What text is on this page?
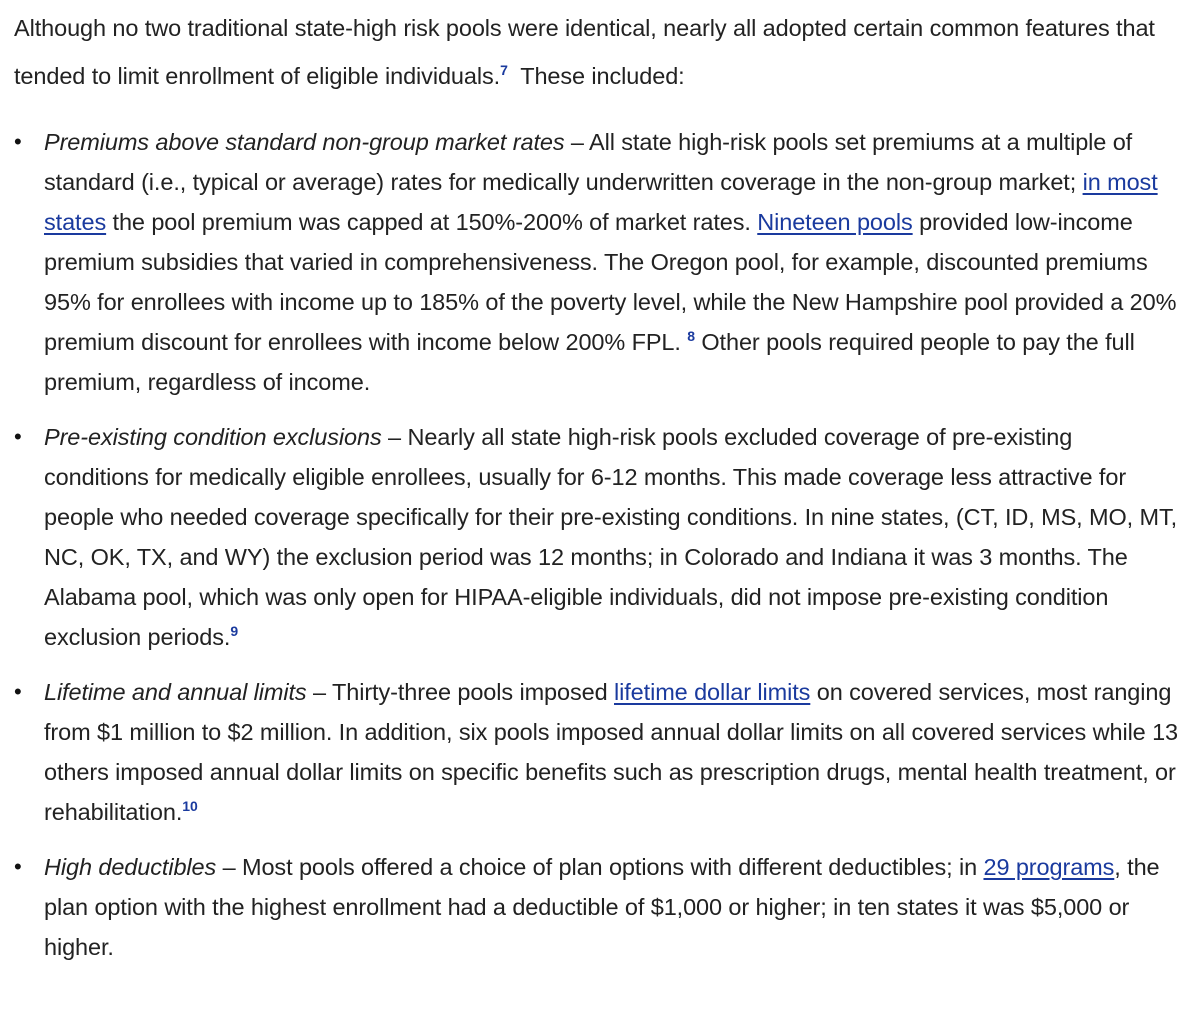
Although no two traditional state-high risk pools were identical, nearly all adopted certain common features that tended to limit enrollment of eligible individuals.$^7$ These included:

• Premiums above standard non-group market rates – All state high-risk pools set premiums at a multiple of standard (i.e., typical or average) rates for medically underwritten coverage in the non-group market; in most states the pool premium was capped at 150%-200% of market rates. Nineteen pools provided low-income premium subsidies that varied in comprehensiveness. The Oregon pool, for example, discounted premiums 95% for enrollees with income up to 185% of the poverty level, while the New Hampshire pool provided a 20% premium discount for enrollees with income below 200% FPL. $^8$ Other pools required people to pay the full premium, regardless of income.
• Pre-existing condition exclusions – Nearly all state high-risk pools excluded coverage of pre-existing conditions for medically eligible enrollees, usually for 6-12 months. This made coverage less attractive for people who needed coverage specifically for their pre-existing conditions. In nine states, (CT, ID, MS, MO, MT, NC, OK, TX, and WY) the exclusion period was 12 months; in Colorado and Indiana it was 3 months. The Alabama pool, which was only open for HIPAA-eligible individuals, did not impose pre-existing condition exclusion periods.$^9$
• Lifetime and annual limits – Thirty-three pools imposed lifetime dollar limits on covered services, most ranging from $1 million to $2 million. In addition, six pools imposed annual dollar limits on all covered services while 13 others imposed annual dollar limits on specific benefits such as prescription drugs, mental health treatment, or rehabilitation.$^{10}$
• High deductibles – Most pools offered a choice of plan options with different deductibles; in 29 programs, the plan option with the highest enrollment had a deductible of $1,000 or higher; in ten states it was $5,000 or higher.
